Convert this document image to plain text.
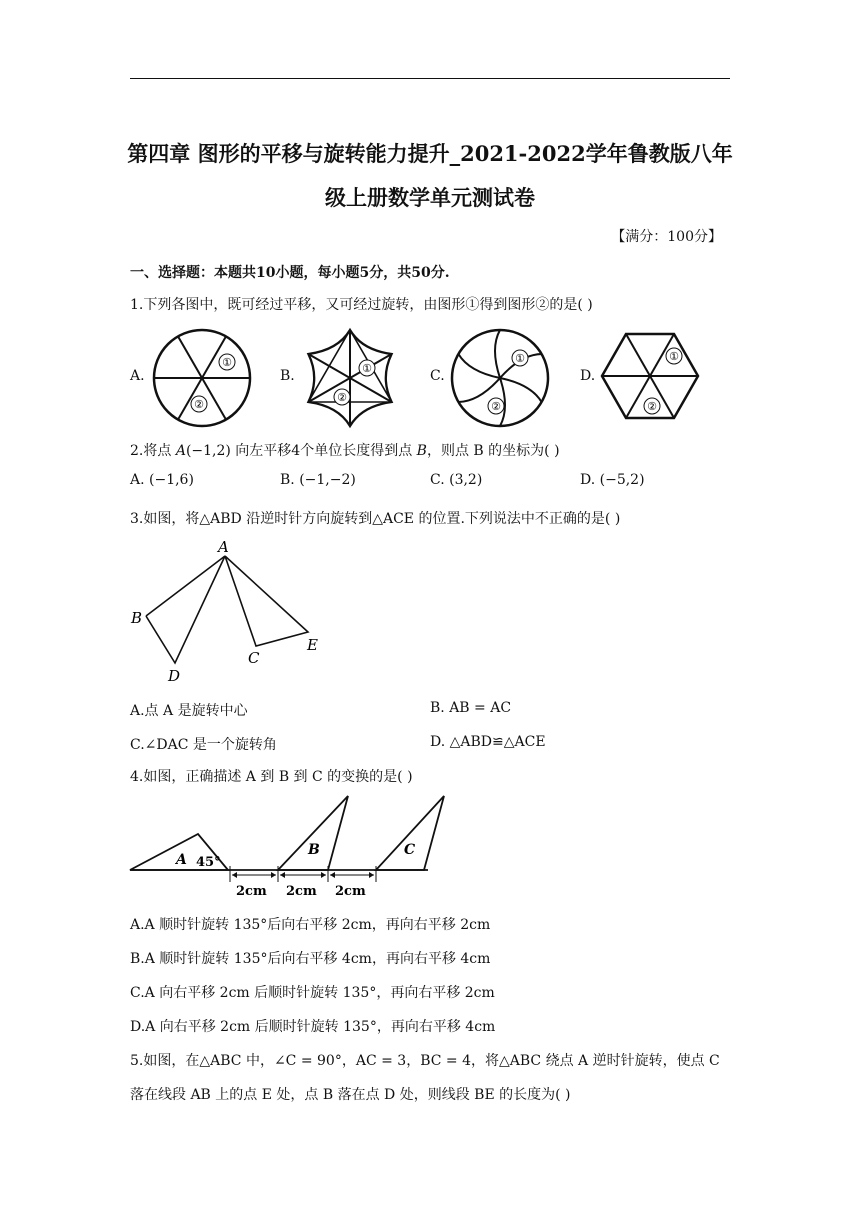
第四章 图形的平移与旋转能力提升_2021-2022学年鲁教版八年
级上册数学单元测试卷
【满分：100分】
一、选择题：本题共10小题，每小题5分，共50分.
1.下列各图中，既可经过平移，又可经过旋转，由图形①得到图形②的是( )
A.	B.	C.	D.
①
②
①
②
①
②
①
②
2.将点 A(−1,2) 向左平移4个单位长度得到点 B，则点 B 的坐标为( )
A. (−1,6)	B. (−1,−2)	C. (3,2)	D. (−5,2)
3.如图，将△ABD 沿逆时针方向旋转到△ACE 的位置.下列说法中不正确的是( )
A
B
D
C
E
A.点 A 是旋转中心	B. AB = AC
C.∠DAC 是一个旋转角	D. △ABD≌△ACE
4.如图，正确描述 A 到 B 到 C 的变换的是( )
A 45°
B	C
2cm 2cm 2cm
A.A 顺时针旋转 135°后向右平移 2cm，再向右平移 2cm
B.A 顺时针旋转 135°后向右平移 4cm，再向右平移 4cm
C.A 向右平移 2cm 后顺时针旋转 135°，再向右平移 2cm
D.A 向右平移 2cm 后顺时针旋转 135°，再向右平移 4cm
5.如图，在△ABC 中，∠C = 90°，AC = 3，BC = 4，将△ABC 绕点 A 逆时针旋转，使点 C
落在线段 AB 上的点 E 处，点 B 落在点 D 处，则线段 BE 的长度为( )
